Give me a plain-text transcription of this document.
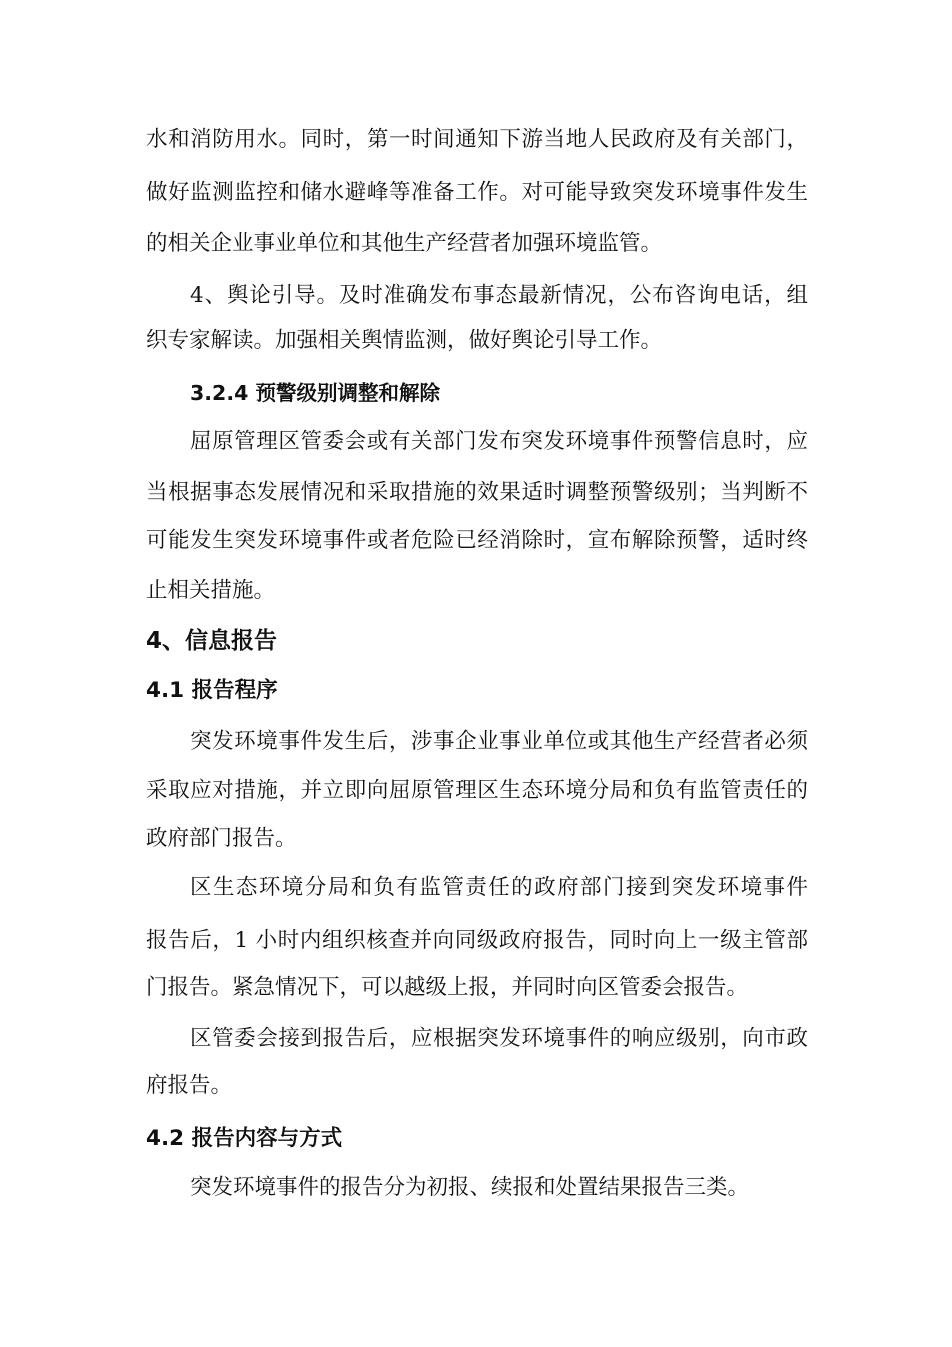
水和消防用水。同时，第一时间通知下游当地人民政府及有关部门，
做好监测监控和储水避峰等准备工作。对可能导致突发环境事件发生
的相关企业事业单位和其他生产经营者加强环境监管。
4、舆论引导。及时准确发布事态最新情况，公布咨询电话，组
织专家解读。加强相关舆情监测，做好舆论引导工作。
3.2.4 预警级别调整和解除
屈原管理区管委会或有关部门发布突发环境事件预警信息时，应
当根据事态发展情况和采取措施的效果适时调整预警级别；当判断不
可能发生突发环境事件或者危险已经消除时，宣布解除预警，适时终
止相关措施。
4、信息报告
4.1 报告程序
突发环境事件发生后，涉事企业事业单位或其他生产经营者必须
采取应对措施，并立即向屈原管理区生态环境分局和负有监管责任的
政府部门报告。
区生态环境分局和负有监管责任的政府部门接到突发环境事件
报告后，1 小时内组织核查并向同级政府报告，同时向上一级主管部
门报告。紧急情况下，可以越级上报，并同时向区管委会报告。
区管委会接到报告后，应根据突发环境事件的响应级别，向市政
府报告。
4.2 报告内容与方式
突发环境事件的报告分为初报、续报和处置结果报告三类。
